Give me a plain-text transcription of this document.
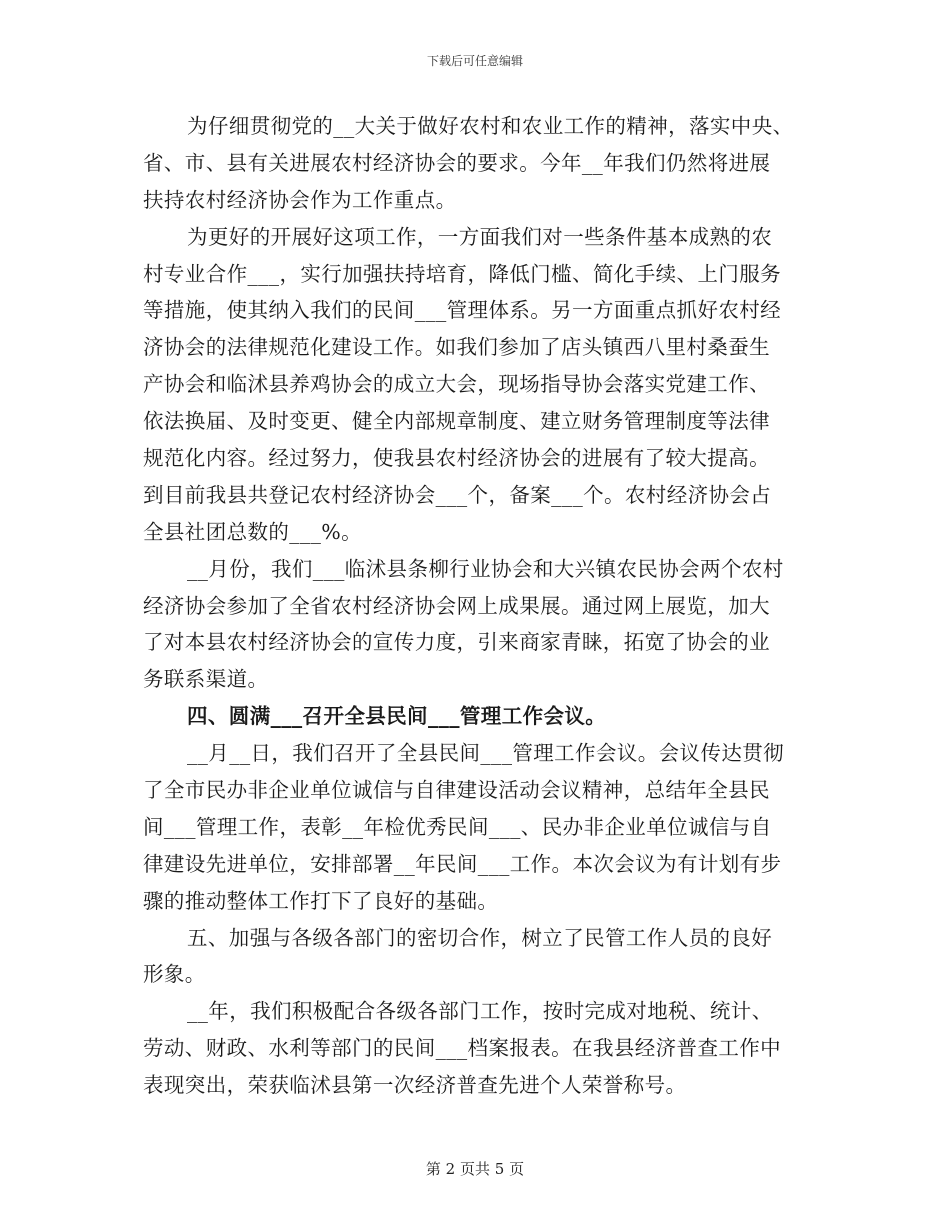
下载后可任意编辑
为仔细贯彻党的__大关于做好农村和农业工作的精神，落实中央、
省、市、县有关进展农村经济协会的要求。今年__年我们仍然将进展
扶持农村经济协会作为工作重点。
为更好的开展好这项工作，一方面我们对一些条件基本成熟的农
村专业合作___，实行加强扶持培育，降低门槛、简化手续、上门服务
等措施，使其纳入我们的民间___管理体系。另一方面重点抓好农村经
济协会的法律规范化建设工作。如我们参加了店头镇西八里村桑蚕生
产协会和临沭县养鸡协会的成立大会，现场指导协会落实党建工作、
依法换届、及时变更、健全内部规章制度、建立财务管理制度等法律
规范化内容。经过努力，使我县农村经济协会的进展有了较大提高。
到目前我县共登记农村经济协会___个，备案___个。农村经济协会占
全县社团总数的___%。
__月份，我们___临沭县条柳行业协会和大兴镇农民协会两个农村
经济协会参加了全省农村经济协会网上成果展。通过网上展览，加大
了对本县农村经济协会的宣传力度，引来商家青睐，拓宽了协会的业
务联系渠道。
四、圆满___召开全县民间___管理工作会议。
__月__日，我们召开了全县民间___管理工作会议。会议传达贯彻
了全市民办非企业单位诚信与自律建设活动会议精神，总结年全县民
间___管理工作，表彰__年检优秀民间___、民办非企业单位诚信与自
律建设先进单位，安排部署__年民间___工作。本次会议为有计划有步
骤的推动整体工作打下了良好的基础。
五、加强与各级各部门的密切合作，树立了民管工作人员的良好
形象。
__年，我们积极配合各级各部门工作，按时完成对地税、统计、
劳动、财政、水利等部门的民间___档案报表。在我县经济普查工作中
表现突出，荣获临沭县第一次经济普查先进个人荣誉称号。
第 2 页共 5 页
